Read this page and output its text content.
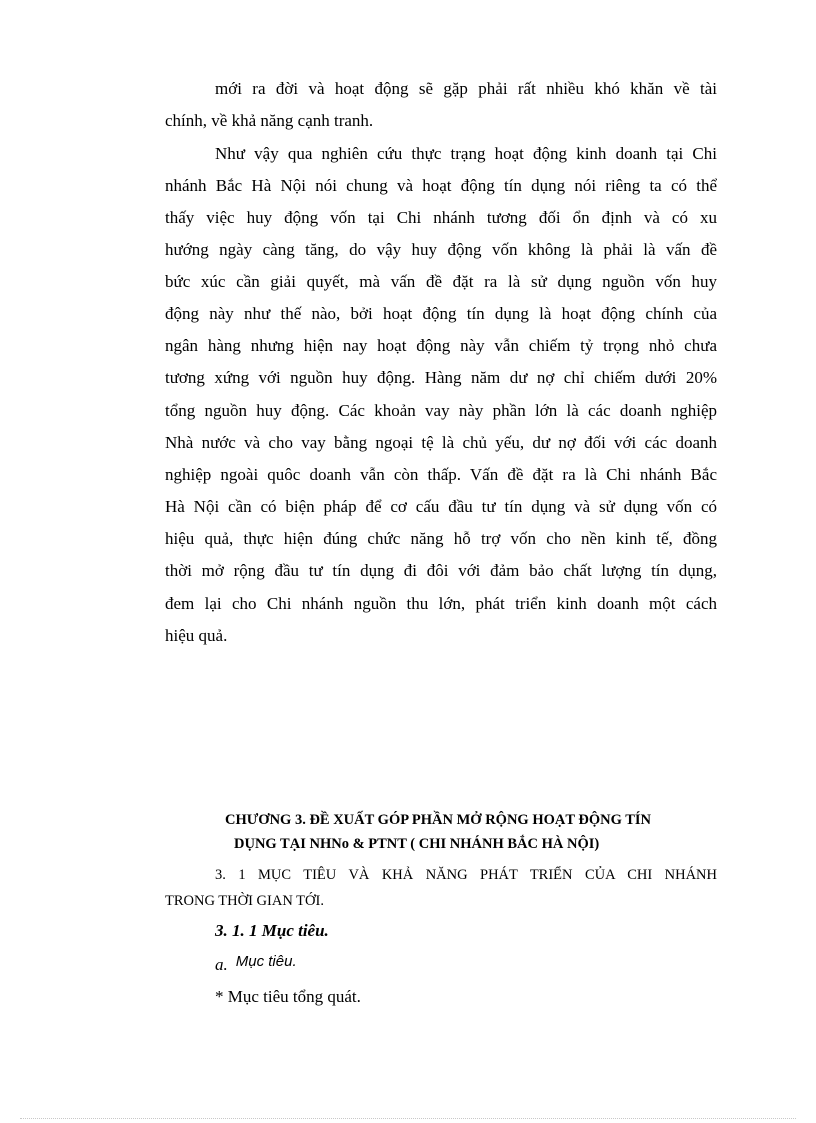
mới ra đời và hoạt động sẽ gặp phải rất nhiều khó khăn về tài
chính, về khả năng cạnh tranh.
Như vậy qua nghiên cứu thực trạng hoạt động kinh doanh tại Chi
nhánh Bắc Hà Nội nói chung và hoạt động tín dụng nói riêng ta có thể
thấy việc huy động vốn tại Chi nhánh tương đối ổn định và có xu
hướng ngày càng tăng, do vậy huy động vốn không là phải là vấn đề
bức xúc cần giải quyết, mà vấn đề đặt ra là sử dụng nguồn vốn huy
động này như thế nào, bởi hoạt động tín dụng là hoạt động chính của
ngân hàng nhưng hiện nay hoạt động này vẫn chiếm tỷ trọng nhỏ chưa
tương xứng với nguồn huy động. Hàng năm dư nợ chỉ chiếm dưới 20%
tổng nguồn huy động. Các khoản vay này phần lớn là các doanh nghiệp
Nhà nước và cho vay bằng ngoại tệ là chủ yếu, dư nợ đối với các doanh
nghiệp ngoài quôc doanh vẫn còn thấp. Vấn đề đặt ra là Chi nhánh Bắc
Hà Nội cần có biện pháp để cơ cấu đầu tư tín dụng và sử dụng vốn có
hiệu quả, thực hiện đúng chức năng hỗ trợ vốn cho nền kinh tế, đồng
thời mở rộng đầu tư tín dụng đi đôi với đảm bảo chất lượng tín dụng,
đem lại cho Chi nhánh nguồn thu lớn, phát triển kinh doanh một cách
hiệu quả.
CHƯƠNG 3. ĐỀ XUẤT GÓP PHẦN MỞ RỘNG HOẠT ĐỘNG TÍN
DỤNG TẠI NHNo & PTNT ( CHI NHÁNH BẮC HÀ NỘI)
3. 1 MỤC TIÊU VÀ KHẢ NĂNG PHÁT TRIỂN CỦA CHI NHÁNH
TRONG THỜI GIAN TỚI.
3. 1. 1 Mục tiêu.
a. Mục tiêu.
* Mục tiêu tổng quát.
